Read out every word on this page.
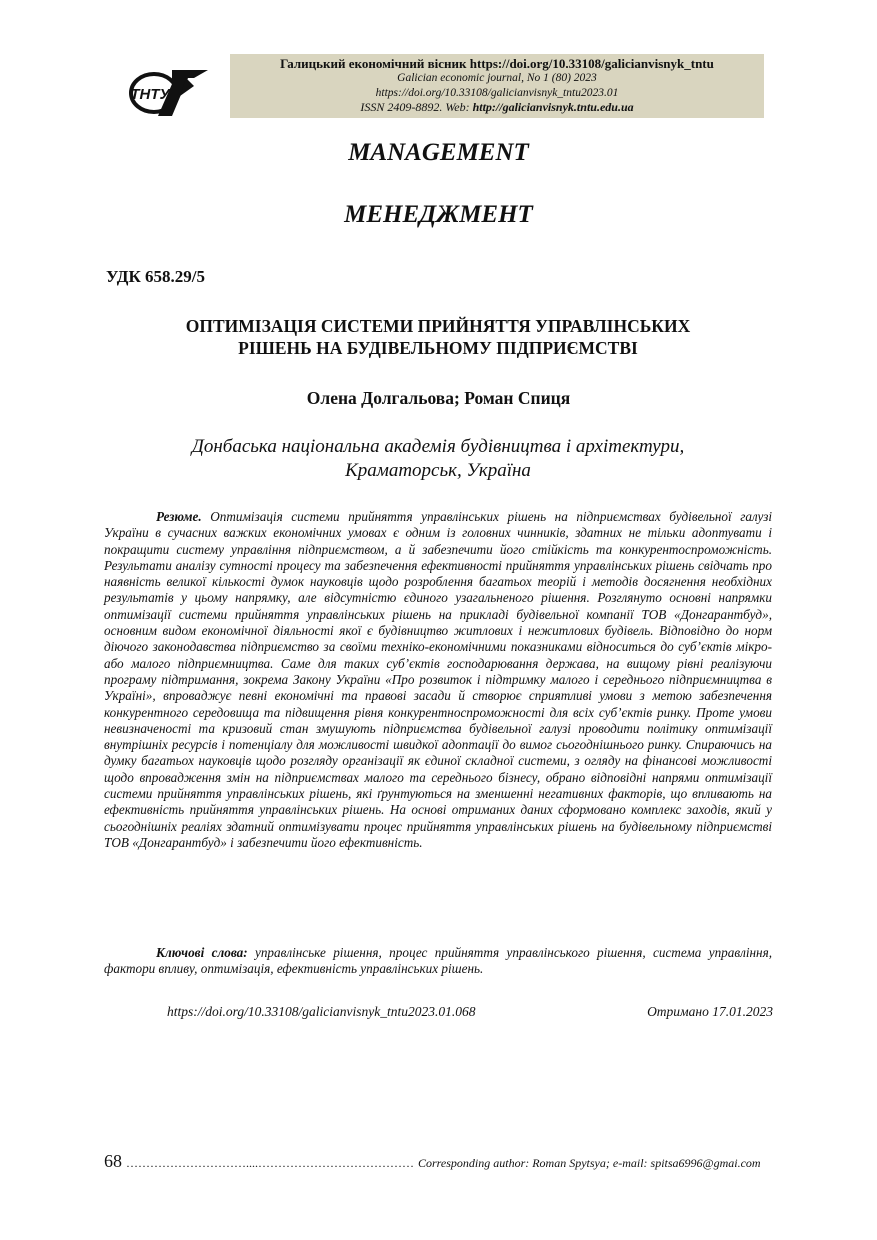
ТНТУ
Галицький економічний вісник https://doi.org/10.33108/galicianvisnyk_tntu
Galician economic journal, No 1 (80) 2023
https://doi.org/10.33108/galicianvisnyk_tntu2023.01
ISSN 2409-8892. Web: http://galicianvisnyk.tntu.edu.ua
MANAGEMENT
МЕНЕДЖМЕНТ
УДК 658.29/5
ОПТИМІЗАЦІЯ СИСТЕМИ ПРИЙНЯТТЯ УПРАВЛІНСЬКИХ
РІШЕНЬ НА БУДІВЕЛЬНОМУ ПІДПРИЄМСТВІ
Олена Долгальова; Роман Спиця
Донбаська національна академія будівництва і архітектури,
Краматорськ, Україна

Резюме. Оптимізація системи прийняття управлінських рішень на підприємствах будівельної галузі України в сучасних важких економічних умовах є одним із головних чинників, здатних не тільки адоптувати і покращити систему управління підприємством, а й забезпечити його стійкість та конкурентоспроможність. Результати аналізу сутності процесу та забезпечення ефективності прийняття управлінських рішень свідчать про наявність великої кількості думок науковців щодо розроблення багатьох теорій і методів досягнення необхідних результатів у цьому напрямку, але відсутністю єдиного узагальненого рішення. Розглянуто основні напрямки оптимізації системи прийняття управлінських рішень на прикладі будівельної компанії ТОВ «Донгарантбуд», основним видом економічної діяльності якої є будівництво житлових і нежитлових будівель. Відповідно до норм діючого законодавства підприємство за своїми техніко-економічними показниками відноситься до суб’єктів мікро- або малого підприємництва. Саме для таких суб’єктів господарювання держава, на вищому рівні реалізуючи програму підтримання, зокрема Закону України «Про розвиток і підтримку малого і середнього підприємництва в Україні», впроваджує певні економічні та правові засади й створює сприятливі умови з метою забезпечення конкурентного середовища та підвищення рівня конкурентноспроможності для всіх суб’єктів ринку. Проте умови невизначеності та кризовий стан змушують підприємства будівельної галузі проводити політику оптимізації внутрішніх ресурсів і потенціалу для можливості швидкої адоптації до вимог сьогоднішнього ринку. Спираючись на думку багатьох науковців щодо розгляду організації як єдиної складної системи, з огляду на фінансові можливості щодо впровадження змін на підприємствах малого та середнього бізнесу, обрано відповідні напрями оптимізації системи прийняття управлінських рішень, які ґрунтуються на зменшенні негативних факторів, що впливають на ефективність прийняття управлінських рішень. На основі отриманих даних сформовано комплекс заходів, який у сьогоднішніх реаліях здатний оптимізувати процес прийняття управлінських рішень на будівельному підприємстві ТОВ «Донгарантбуд» і забезпечити його ефективність.

Ключові слова: управлінське рішення, процес прийняття управлінського рішення, система управління, фактори впливу, оптимізація, ефективність управлінських рішень.

https://doi.org/10.33108/galicianvisnyk_tntu2023.01.068	Отримано 17.01.2023
68 …………………………....………………………………… Corresponding author: Roman Spytsya; e-mail: spitsa6996@gmai.com
